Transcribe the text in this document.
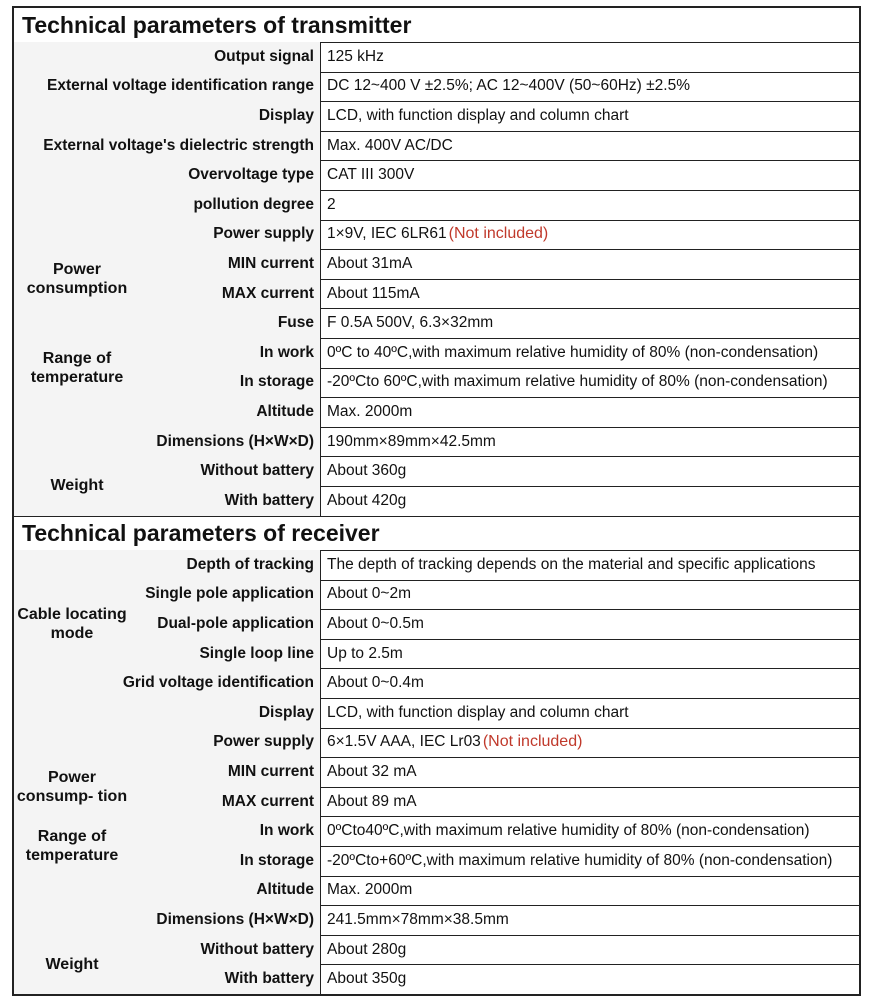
Technical parameters of transmitter
Output signal 125 kHz
External voltage identification range DC 12~400 V ±2.5%; AC 12~400V (50~60Hz) ±2.5%
Display LCD, with function display and column chart
External voltage's dielectric strength Max. 400V AC/DC
Overvoltage type CAT III 300V
pollution degree 2
Power supply 1×9V, IEC 6LR61 (Not included)
Power consumption
MIN current About 31mA
MAX current About 115mA
Fuse F 0.5A 500V, 6.3×32mm
Range of temperature
In work 0ºC to 40ºC,with maximum relative humidity of 80% (non-condensation)
In storage -20ºCto 60ºC,with maximum relative humidity of 80% (non-condensation)
Altitude Max. 2000m
Dimensions (H×W×D) 190mm×89mm×42.5mm
Weight
Without battery About 360g
With battery About 420g
Technical parameters of receiver
Depth of tracking The depth of tracking depends on the material and specific applications
Cable locating mode
Single pole application About 0~2m
Dual-pole application About 0~0.5m
Single loop line Up to 2.5m
Grid voltage identification About 0~0.4m
Display LCD, with function display and column chart
Power supply 6×1.5V AAA, IEC Lr03 (Not included)
Power consump- tion
MIN current About 32 mA
MAX current About 89 mA
Range of temperature
In work 0ºCto40ºC,with maximum relative humidity of 80% (non-condensation)
In storage -20ºCto+60ºC,with maximum relative humidity of 80% (non-condensation)
Altitude Max. 2000m
Dimensions (H×W×D) 241.5mm×78mm×38.5mm
Weight
Without battery About 280g
With battery About 350g
